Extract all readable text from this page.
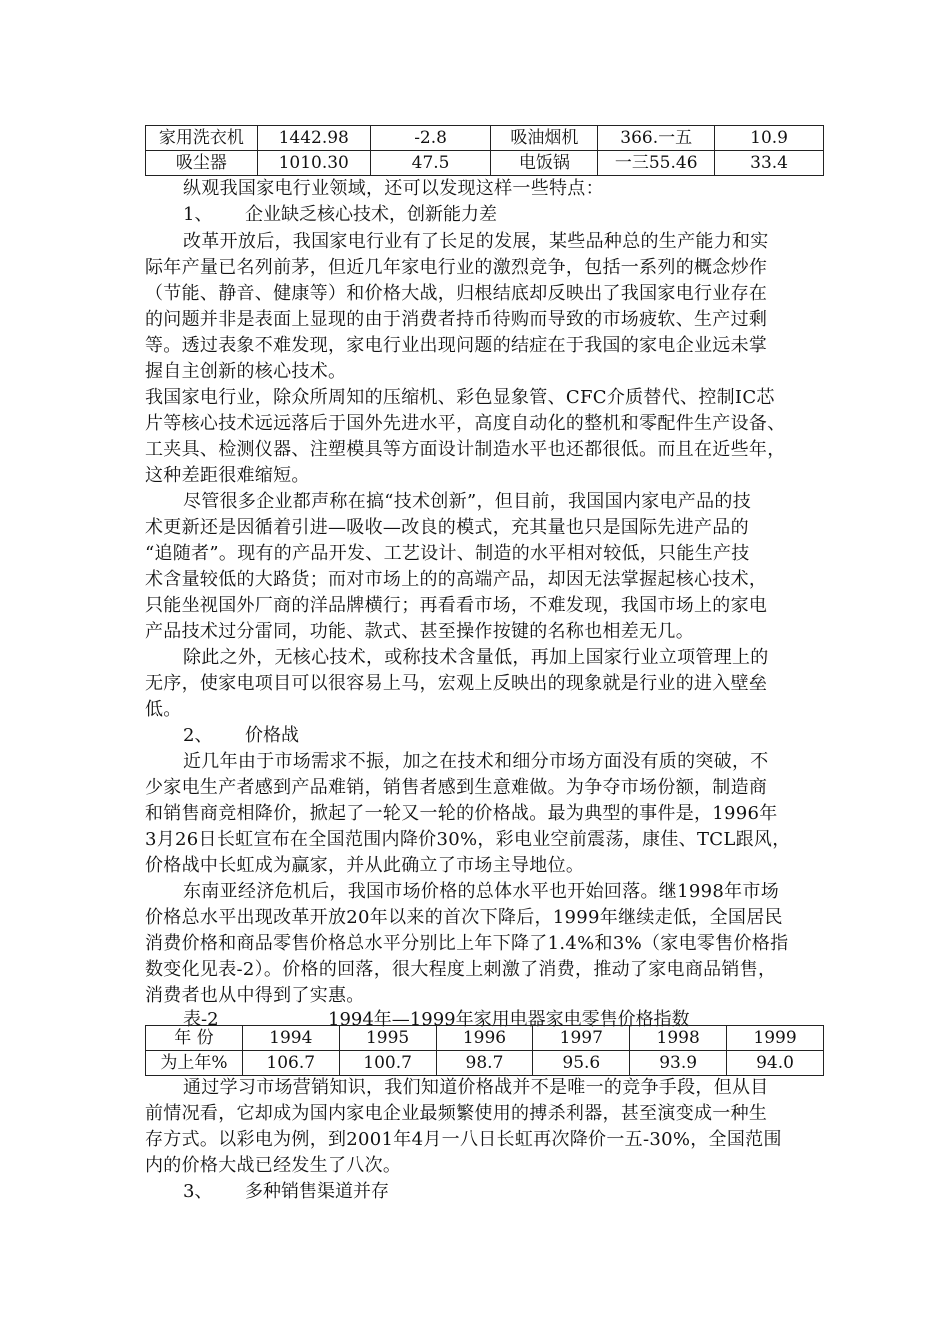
家用洗衣机	1442.98	-2.8	吸油烟机	366.一五	10.9
吸尘器	1010.30	47.5	电饭锅	一三55.46	33.4
纵观我国家电行业领域，还可以发现这样一些特点：
1、 企业缺乏核心技术，创新能力差
改革开放后，我国家电行业有了长足的发展，某些品种总的生产能力和实
际年产量已名列前茅，但近几年家电行业的激烈竞争，包括一系列的概念炒作
（节能、静音、健康等）和价格大战，归根结底却反映出了我国家电行业存在
的问题并非是表面上显现的由于消费者持币待购而导致的市场疲软、生产过剩
等。透过表象不难发现，家电行业出现问题的结症在于我国的家电企业远未掌
握自主创新的核心技术。
我国家电行业，除众所周知的压缩机、彩色显象管、CFC介质替代、控制IC芯
片等核心技术远远落后于国外先进水平，高度自动化的整机和零配件生产设备、
工夹具、检测仪器、注塑模具等方面设计制造水平也还都很低。而且在近些年，
这种差距很难缩短。
尽管很多企业都声称在搞“技术创新”，但目前，我国国内家电产品的技
术更新还是因循着引进—吸收—改良的模式，充其量也只是国际先进产品的
“追随者”。现有的产品开发、工艺设计、制造的水平相对较低，只能生产技
术含量较低的大路货；而对市场上的的高端产品，却因无法掌握起核心技术，
只能坐视国外厂商的洋品牌横行；再看看市场，不难发现，我国市场上的家电
产品技术过分雷同，功能、款式、甚至操作按键的名称也相差无几。
除此之外，无核心技术，或称技术含量低，再加上国家行业立项管理上的
无序，使家电项目可以很容易上马，宏观上反映出的现象就是行业的进入壁垒
低。
2、 价格战
近几年由于市场需求不振，加之在技术和细分市场方面没有质的突破，不
少家电生产者感到产品难销，销售者感到生意难做。为争夺市场份额，制造商
和销售商竞相降价，掀起了一轮又一轮的价格战。最为典型的事件是，1996年
3月26日长虹宣布在全国范围内降价30%，彩电业空前震荡，康佳、TCL跟风，
价格战中长虹成为赢家，并从此确立了市场主导地位。
东南亚经济危机后，我国市场价格的总体水平也开始回落。继1998年市场
价格总水平出现改革开放20年以来的首次下降后，1999年继续走低，全国居民
消费价格和商品零售价格总水平分别比上年下降了1.4%和3%（家电零售价格指
数变化见表-2）。价格的回落，很大程度上刺激了消费，推动了家电商品销售，
消费者也从中得到了实惠。
表-2	1994年—1999年家用电器家电零售价格指数
年 份	1994	1995	1996	1997	1998	1999
为上年%	106.7	100.7	98.7	95.6	93.9	94.0
通过学习市场营销知识，我们知道价格战并不是唯一的竞争手段，但从目
前情况看，它却成为国内家电企业最频繁使用的搏杀利器，甚至演变成一种生
存方式。以彩电为例，到2001年4月一八日长虹再次降价一五-30%，全国范围
内的价格大战已经发生了八次。
3、 多种销售渠道并存
